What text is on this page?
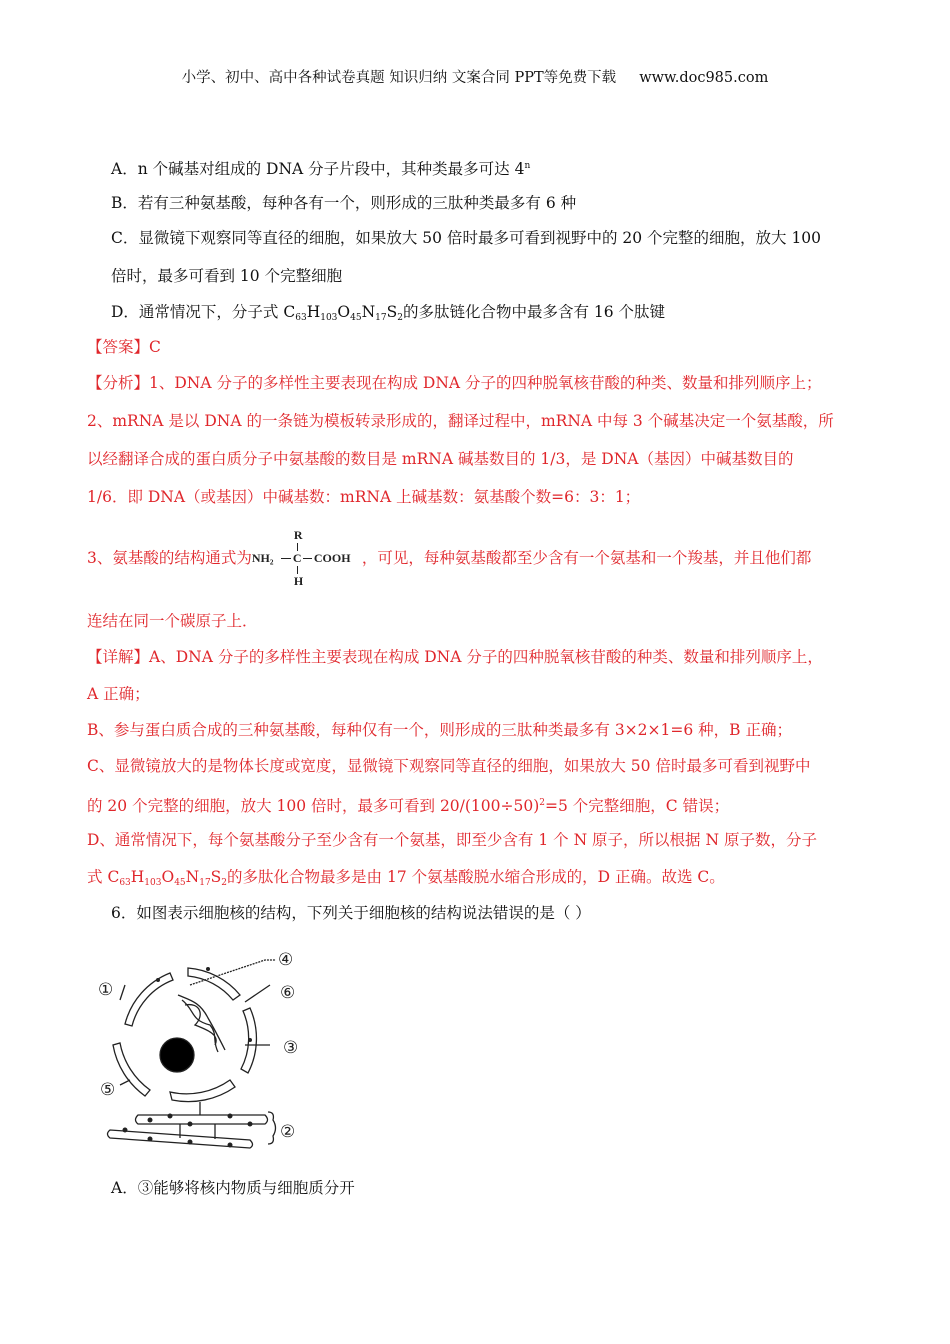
小学、初中、高中各种试卷真题 知识归纳 文案合同 PPT等免费下载 www.doc985.com
A．n 个碱基对组成的 DNA 分子片段中，其种类最多可达 4$^n$
B．若有三种氨基酸，每种各有一个，则形成的三肽种类最多有 6 种
C．显微镜下观察同等直径的细胞，如果放大 50 倍时最多可看到视野中的 20 个完整的细胞，放大 100
倍时，最多可看到 10 个完整细胞
D．通常情况下，分子式 $C_{63}H_{103}O_{45}N_{17}S_2$的多肽链化合物中最多含有 16 个肽键
【答案】C
【分析】1、DNA 分子的多样性主要表现在构成 DNA 分子的四种脱氧核苷酸的种类、数量和排列顺序上；
2、mRNA 是以 DNA 的一条链为模板转录形成的，翻译过程中，mRNA 中每 3 个碱基决定一个氨基酸，所
以经翻译合成的蛋白质分子中氨基酸的数目是 mRNA 碱基数目的 1/3，是 DNA（基因）中碱基数目的
1/6．即 DNA（或基因）中碱基数：mRNA 上碱基数：氨基酸个数=6：3：1；
3、氨基酸的结构通式为
R
NH₂ C COOH
H
，可见，每种氨基酸都至少含有一个氨基和一个羧基，并且他们都
连结在同一个碳原子上．
【详解】A、DNA 分子的多样性主要表现在构成 DNA 分子的四种脱氧核苷酸的种类、数量和排列顺序上，
A 正确；
B、参与蛋白质合成的三种氨基酸，每种仅有一个，则形成的三肽种类最多有 3×2×1=6 种，B 正确；
C、显微镜放大的是物体长度或宽度，显微镜下观察同等直径的细胞，如果放大 50 倍时最多可看到视野中
的 20 个完整的细胞，放大 100 倍时，最多可看到 $20/(100\div 50)^2=5$ 个完整细胞，C 错误；
D、通常情况下，每个氨基酸分子至少含有一个氨基，即至少含有 1 个 N 原子，所以根据 N 原子数，分子
式 $C_{63}H_{103}O_{45}N_{17}S_2$的多肽化合物最多是由 17 个氨基酸脱水缩合形成的，D 正确。故选 C。
6．如图表示细胞核的结构，下列关于细胞核的结构说法错误的是（ ）
①
②
③
④
⑤
⑥
A．③能够将核内物质与细胞质分开
